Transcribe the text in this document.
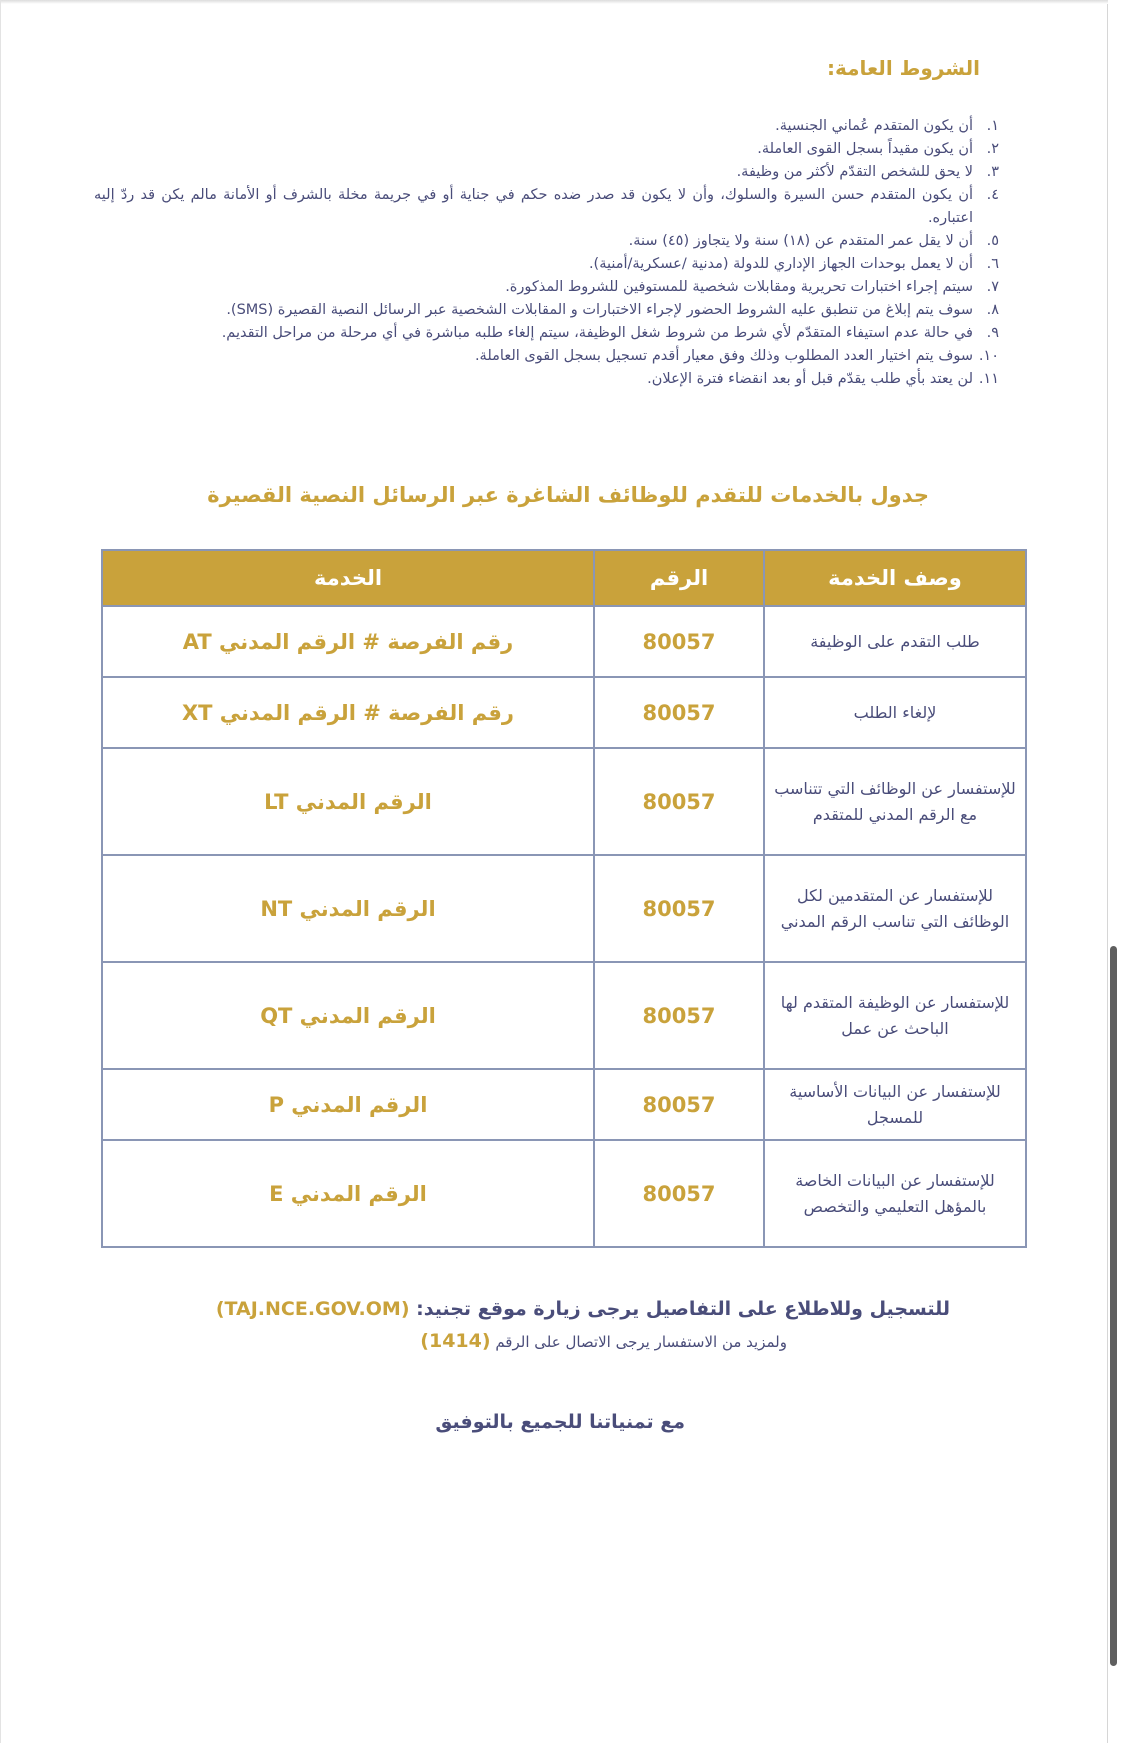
الشروط العامة:
١.
أن يكون المتقدم عُماني الجنسية.
٢.
أن يكون مقيداً بسجل القوى العاملة.
٣.
لا يحق للشخص التقدّم لأكثر من وظيفة.
٤.
أن يكون المتقدم حسن السيرة والسلوك، وأن لا يكون قد صدر ضده حكم في جناية أو في جريمة مخلة بالشرف أو الأمانة مالم يكن قد ردّ إليه اعتباره.
٥.
أن لا يقل عمر المتقدم عن (١٨) سنة ولا يتجاوز (٤٥) سنة.
٦.
أن لا يعمل بوحدات الجهاز الإداري للدولة (مدنية /عسكرية/أمنية).
٧.
سيتم إجراء اختبارات تحريرية ومقابلات شخصية للمستوفين للشروط المذكورة.
٨.
سوف يتم إبلاغ من تنطبق عليه الشروط الحضور لإجراء الاختبارات و المقابلات الشخصية عبر الرسائل النصية القصيرة (SMS).
٩.
في حالة عدم استيفاء المتقدّم لأي شرط من شروط شغل الوظيفة، سيتم إلغاء طلبه مباشرة في أي مرحلة من مراحل التقديم.
١٠.
سوف يتم اختيار العدد المطلوب وذلك وفق معيار أقدم تسجيل بسجل القوى العاملة.
١١.
لن يعتد بأي طلب يقدّم قبل أو بعد انقضاء فترة الإعلان.
جدول بالخدمات للتقدم للوظائف الشاغرة عبر الرسائل النصية القصيرة
وصف الخدمة	الرقم	الخدمة
طلب التقدم على الوظيفة	80057	رقم الفرصة # الرقم المدني AT
لإلغاء الطلب	80057	رقم الفرصة # الرقم المدني XT
للإستفسار عن الوظائف التي تتناسب مع الرقم المدني للمتقدم	80057	الرقم المدني LT
للإستفسار عن المتقدمين لكل الوظائف التي تناسب الرقم المدني	80057	الرقم المدني NT
للإستفسار عن الوظيفة المتقدم لها الباحث عن عمل	80057	الرقم المدني QT
للإستفسار عن البيانات الأساسية للمسجل	80057	الرقم المدني P
للإستفسار عن البيانات الخاصة بالمؤهل التعليمي والتخصص	80057	الرقم المدني E

للتسجيل وللاطلاع على التفاصيل يرجى زيارة موقع تجنيد: (TAJ.NCE.GOV.OM)

ولمزيد من الاستفسار يرجى الاتصال على الرقم (1414)

مع تمنياتنا للجميع بالتوفيق
